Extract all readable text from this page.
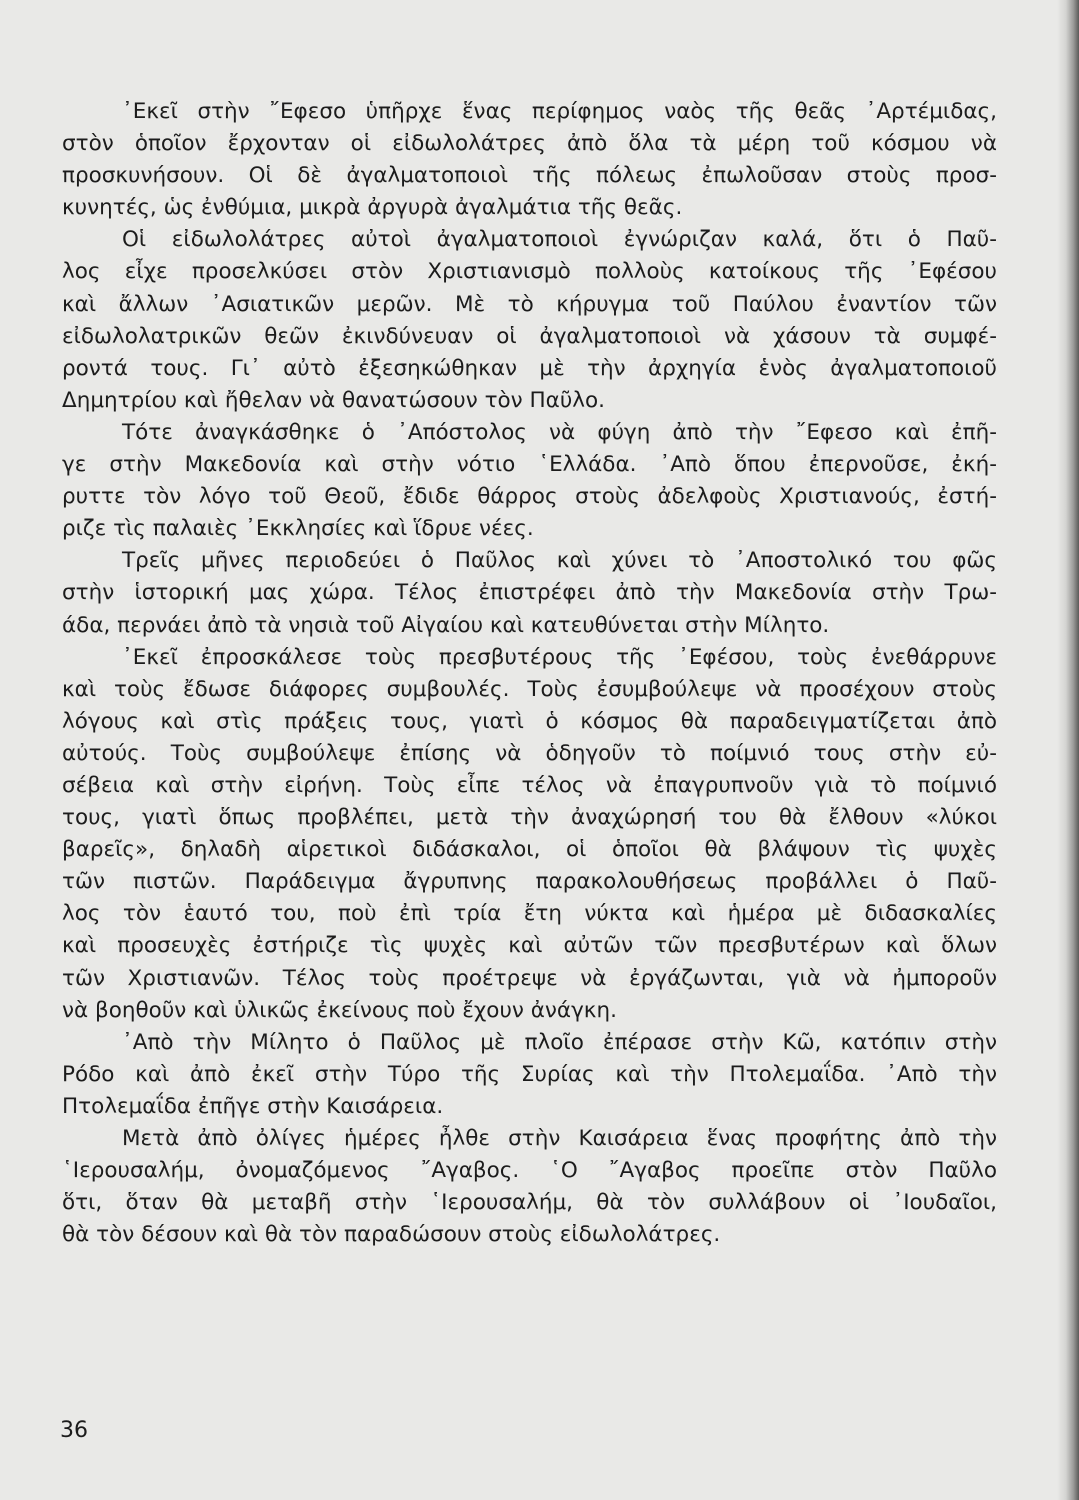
᾿Εκεῖ στὴν ῎Εφεσο ὑπῆρχε ἕνας περίφημος ναὸς τῆς θεᾶς ᾿Αρτέμιδας,
στὸν ὁποῖον ἔρχονταν οἱ εἰδωλολάτρες ἀπὸ ὅλα τὰ μέρη τοῦ κόσμου νὰ
προσκυνήσουν. Οἱ δὲ ἀγαλματοποιοὶ τῆς πόλεως ἐπωλοῦσαν στοὺς προσ-
κυνητές, ὡς ἐνθύμια, μικρὰ ἀργυρὰ ἀγαλμάτια τῆς θεᾶς.
Οἱ εἰδωλολάτρες αὐτοὶ ἀγαλματοποιοὶ ἐγνώριζαν καλά, ὅτι ὁ Παῦ-
λος εἶχε προσελκύσει στὸν Χριστιανισμὸ πολλοὺς κατοίκους τῆς ᾿Εφέσου
καὶ ἄλλων ᾿Ασιατικῶν μερῶν. Μὲ τὸ κήρυγμα τοῦ Παύλου ἐναντίον τῶν
εἰδωλολατρικῶν θεῶν ἐκινδύνευαν οἱ ἀγαλματοποιοὶ νὰ χάσουν τὰ συμφέ-
ροντά τους. Γι᾿ αὐτὸ ἐξεσηκώθηκαν μὲ τὴν ἀρχηγία ἑνὸς ἀγαλματοποιοῦ
Δημητρίου καὶ ἤθελαν νὰ θανατώσουν τὸν Παῦλο.
Τότε ἀναγκάσθηκε ὁ ᾿Απόστολος νὰ φύγη ἀπὸ τὴν ῎Εφεσο καὶ ἐπῆ-
γε στὴν Μακεδονία καὶ στὴν νότιο ῾Ελλάδα. ᾿Απὸ ὅπου ἐπερνοῦσε, ἐκή-
ρυττε τὸν λόγο τοῦ Θεοῦ, ἔδιδε θάρρος στοὺς ἀδελφοὺς Χριστιανούς, ἐστή-
ριζε τὶς παλαιὲς ᾿Εκκλησίες καὶ ἵδρυε νέες.
Τρεῖς μῆνες περιοδεύει ὁ Παῦλος καὶ χύνει τὸ ᾿Αποστολικό του φῶς
στὴν ἱστορική μας χώρα. Τέλος ἐπιστρέφει ἀπὸ τὴν Μακεδονία στὴν Τρω-
άδα, περνάει ἀπὸ τὰ νησιὰ τοῦ Αἰγαίου καὶ κατευθύνεται στὴν Μίλητο.
᾿Εκεῖ ἐπροσκάλεσε τοὺς πρεσβυτέρους τῆς ᾿Εφέσου, τοὺς ἐνεθάρρυνε
καὶ τοὺς ἔδωσε διάφορες συμβουλές. Τοὺς ἐσυμβούλεψε νὰ προσέχουν στοὺς
λόγους καὶ στὶς πράξεις τους, γιατὶ ὁ κόσμος θὰ παραδειγματίζεται ἀπὸ
αὐτούς. Τοὺς συμβούλεψε ἐπίσης νὰ ὁδηγοῦν τὸ ποίμνιό τους στὴν εὐ-
σέβεια καὶ στὴν εἰρήνη. Τοὺς εἶπε τέλος νὰ ἐπαγρυπνοῦν γιὰ τὸ ποίμνιό
τους, γιατὶ ὅπως προβλέπει, μετὰ τὴν ἀναχώρησή του θὰ ἔλθουν «λύκοι
βαρεῖς», δηλαδὴ αἱρετικοὶ διδάσκαλοι, οἱ ὁποῖοι θὰ βλάψουν τὶς ψυχὲς
τῶν πιστῶν. Παράδειγμα ἄγρυπνης παρακολουθήσεως προβάλλει ὁ Παῦ-
λος τὸν ἑαυτό του, ποὺ ἐπὶ τρία ἔτη νύκτα καὶ ἡμέρα μὲ διδασκαλίες
καὶ προσευχὲς ἐστήριζε τὶς ψυχὲς καὶ αὐτῶν τῶν πρεσβυτέρων καὶ ὅλων
τῶν Χριστιανῶν. Τέλος τοὺς προέτρεψε νὰ ἐργάζωνται, γιὰ νὰ ἠμποροῦν
νὰ βοηθοῦν καὶ ὑλικῶς ἐκείνους ποὺ ἔχουν ἀνάγκη.
᾿Απὸ τὴν Μίλητο ὁ Παῦλος μὲ πλοῖο ἐπέρασε στὴν Κῶ, κατόπιν στὴν
Ρόδο καὶ ἀπὸ ἐκεῖ στὴν Τύρο τῆς Συρίας καὶ τὴν Πτολεμαΐδα. ᾿Απὸ τὴν
Πτολεμαΐδα ἐπῆγε στὴν Καισάρεια.
Μετὰ ἀπὸ ὀλίγες ἡμέρες ἦλθε στὴν Καισάρεια ἕνας προφήτης ἀπὸ τὴν
῾Ιερουσαλήμ, ὀνομαζόμενος ῎Αγαβος. ῾Ο ῎Αγαβος προεῖπε στὸν Παῦλο
ὅτι, ὅταν θὰ μεταβῆ στὴν ῾Ιερουσαλήμ, θὰ τὸν συλλάβουν οἱ ᾿Ιουδαῖοι,
θὰ τὸν δέσουν καὶ θὰ τὸν παραδώσουν στοὺς εἰδωλολάτρες.
36
